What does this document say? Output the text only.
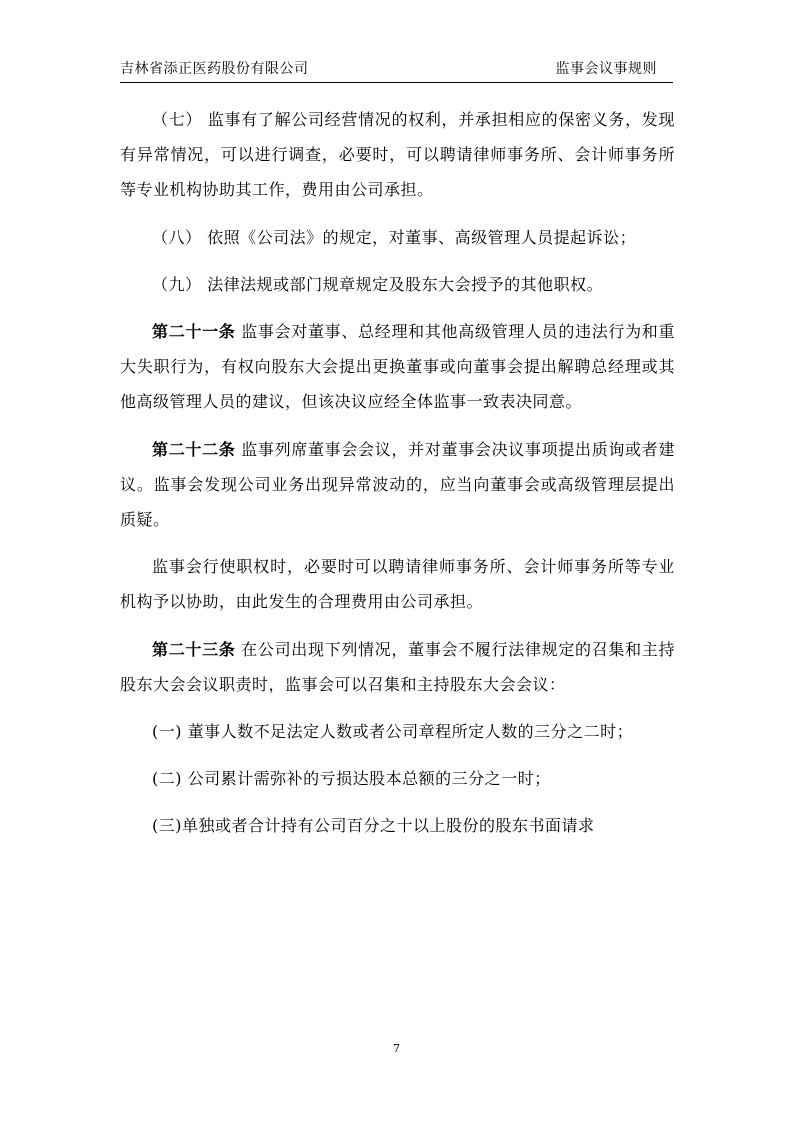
吉林省添正医药股份有限公司	监事会议事规则

（七） 监事有了解公司经营情况的权利，并承担相应的保密义务，发现有异常情况，可以进行调查，必要时，可以聘请律师事务所、会计师事务所等专业机构协助其工作，费用由公司承担。

（八） 依照《公司法》的规定，对董事、高级管理人员提起诉讼；

（九） 法律法规或部门规章规定及股东大会授予的其他职权。

第二十一条 监事会对董事、总经理和其他高级管理人员的违法行为和重大失职行为，有权向股东大会提出更换董事或向董事会提出解聘总经理或其他高级管理人员的建议，但该决议应经全体监事一致表决同意。

第二十二条 监事列席董事会会议，并对董事会决议事项提出质询或者建议。监事会发现公司业务出现异常波动的，应当向董事会或高级管理层提出质疑。

监事会行使职权时，必要时可以聘请律师事务所、会计师事务所等专业机构予以协助，由此发生的合理费用由公司承担。

第二十三条 在公司出现下列情况，董事会不履行法律规定的召集和主持股东大会会议职责时，监事会可以召集和主持股东大会会议：

(一) 董事人数不足法定人数或者公司章程所定人数的三分之二时；

(二) 公司累计需弥补的亏损达股本总额的三分之一时；

(三)单独或者合计持有公司百分之十以上股份的股东书面请求

7
